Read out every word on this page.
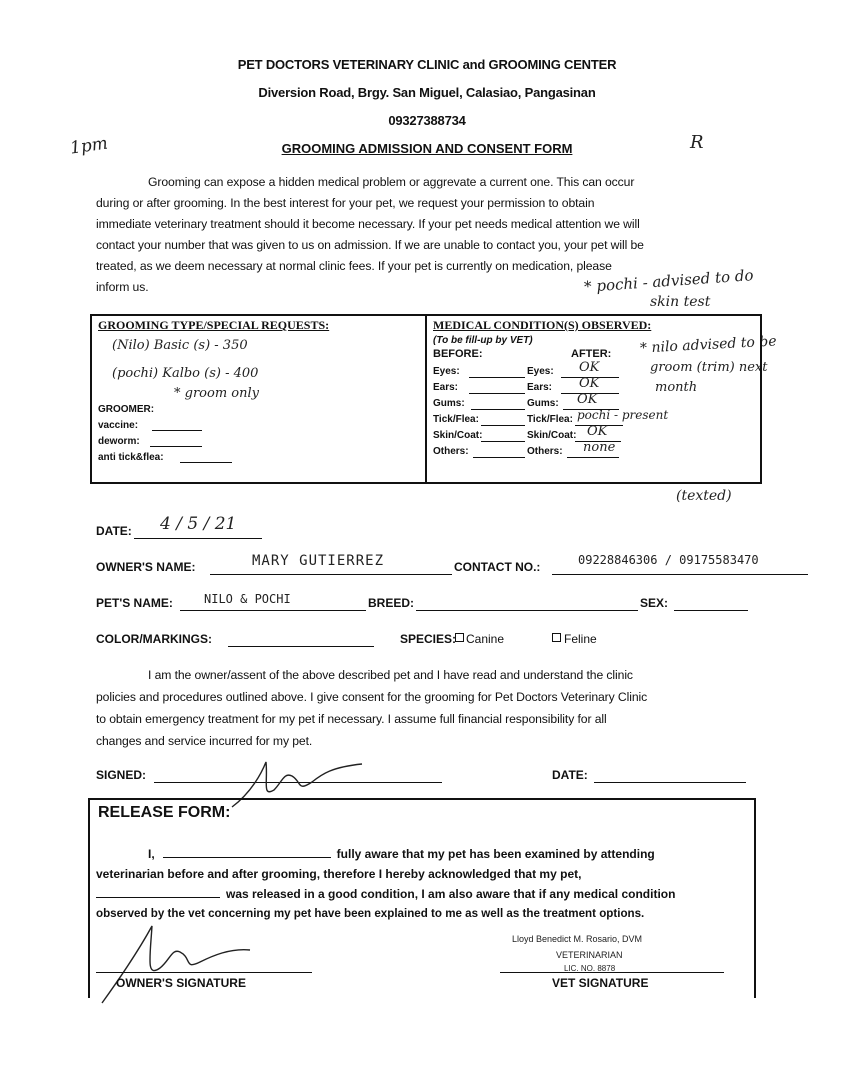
PET DOCTORS VETERINARY CLINIC and GROOMING CENTER
Diversion Road, Brgy. San Miguel, Calasiao, Pangasinan
09327388734
GROOMING ADMISSION AND CONSENT FORM
1pm	R
Grooming can expose a hidden medical problem or aggrevate a current one. This can occur
during or after grooming. In the best interest for your pet, we request your permission to obtain
immediate veterinary treatment should it become necessary. If your pet needs medical attention we will
contact your number that was given to us on admission. If we are unable to contact you, your pet will be
treated, as we deem necessary at normal clinic fees. If your pet is currently on medication, please
inform us.	* pochi - advised to do
skin test
* nilo advised to be
groom (trim) next
month
(texted)
GROOMING TYPE/SPECIAL REQUESTS:
(Nilo) Basic (s) - 350
(pochi) Kalbo (s) - 400
* groom only
GROOMER:
vaccine:
deworm:
anti tick&flea:
MEDICAL CONDITION(S) OBSERVED:
(To be fill-up by VET)
BEFORE:	AFTER:
Eyes:	Eyes: OK
Ears:	Ears: OK
Gums:	Gums: OK
Tick/Flea:	Tick/Flea: pochi - present
Skin/Coat:	Skin/Coat: OK
Others:	Others: none
DATE: 4 / 5 / 21
OWNER'S NAME:	MARY GUTIERREZ	CONTACT NO.:	09228846306 / 09175583470
PET'S NAME:	NILO & POCHI	BREED:	SEX:
COLOR/MARKINGS:	SPECIES: Canine	Feline
I am the owner/assent of the above described pet and I have read and understand the clinic
policies and procedures outlined above. I give consent for the grooming for Pet Doctors Veterinary Clinic
to obtain emergency treatment for my pet if necessary. I assume full financial responsibility for all
changes and service incurred for my pet.
SIGNED:	DATE:
RELEASE FORM:
I,	fully aware that my pet has been examined by attending
veterinarian before and after grooming, therefore I hereby acknowledged that my pet,
was released in a good condition, I am also aware that if any medical condition
observed by the vet concerning my pet have been explained to me as well as the treatment options.
OWNER'S SIGNATURE
Lloyd Benedict M. Rosario, DVM
VETERINARIAN
LIC. NO. 8878
VET SIGNATURE
